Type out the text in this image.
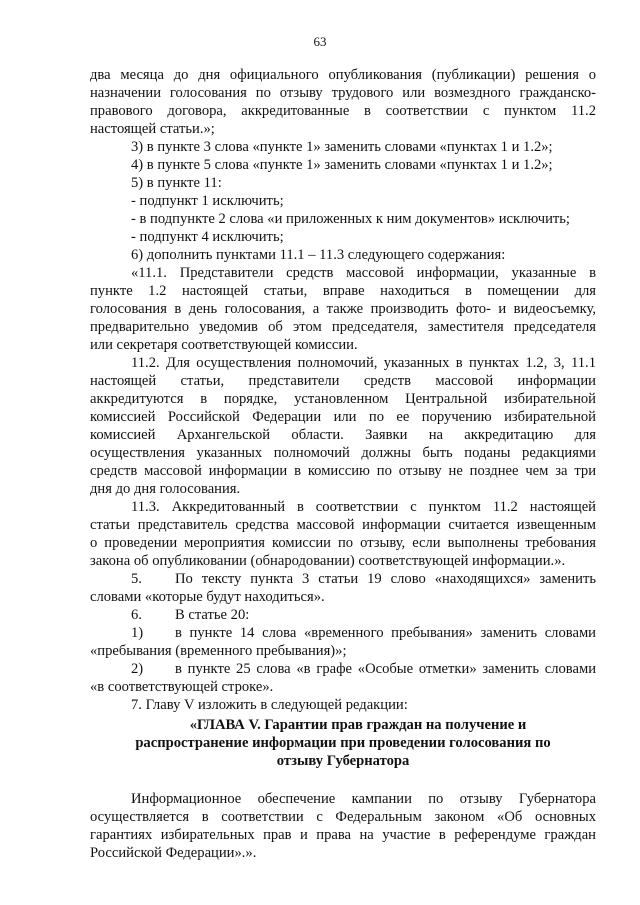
63
два месяца до дня официального опубликования (публикации) решения о
назначении голосования по отзыву трудового или возмездного гражданско-
правового договора, аккредитованные в соответствии с пунктом 11.2
настоящей статьи.»;
3) в пункте 3 слова «пункте 1» заменить словами «пунктах 1 и 1.2»;
4) в пункте 5 слова «пункте 1» заменить словами «пунктах 1 и 1.2»;
5) в пункте 11:
- подпункт 1 исключить;
- в подпункте 2 слова «и приложенных к ним документов» исключить;
- подпункт 4 исключить;
6) дополнить пунктами 11.1 – 11.3 следующего содержания:
«11.1. Представители средств массовой информации, указанные в
пункте 1.2 настоящей статьи, вправе находиться в помещении для
голосования в день голосования, а также производить фото- и видеосъемку,
предварительно уведомив об этом председателя, заместителя председателя
или секретаря соответствующей комиссии.
11.2. Для осуществления полномочий, указанных в пунктах 1.2, 3, 11.1
настоящей статьи, представители средств массовой информации
аккредитуются в порядке, установленном Центральной избирательной
комиссией Российской Федерации или по ее поручению избирательной
комиссией Архангельской области. Заявки на аккредитацию для
осуществления указанных полномочий должны быть поданы редакциями
средств массовой информации в комиссию по отзыву не позднее чем за три
дня до дня голосования.
11.3. Аккредитованный в соответствии с пунктом 11.2 настоящей
статьи представитель средства массовой информации считается извещенным
о проведении мероприятия комиссии по отзыву, если выполнены требования
закона об опубликовании (обнародовании) соответствующей информации.».
5. По тексту пункта 3 статьи 19 слово «находящихся» заменить
словами «которые будут находиться».
6. В статье 20:
1) в пункте 14 слова «временного пребывания» заменить словами
«пребывания (временного пребывания)»;
2) в пункте 25 слова «в графе «Особые отметки» заменить словами
«в соответствующей строке».
7. Главу V изложить в следующей редакции:
«ГЛАВА V. Гарантии прав граждан на получение и
распространение информации при проведении голосования по
отзыву Губернатора
Информационное обеспечение кампании по отзыву Губернатора
осуществляется в соответствии с Федеральным законом «Об основных
гарантиях избирательных прав и права на участие в референдуме граждан
Российской Федерации».».
